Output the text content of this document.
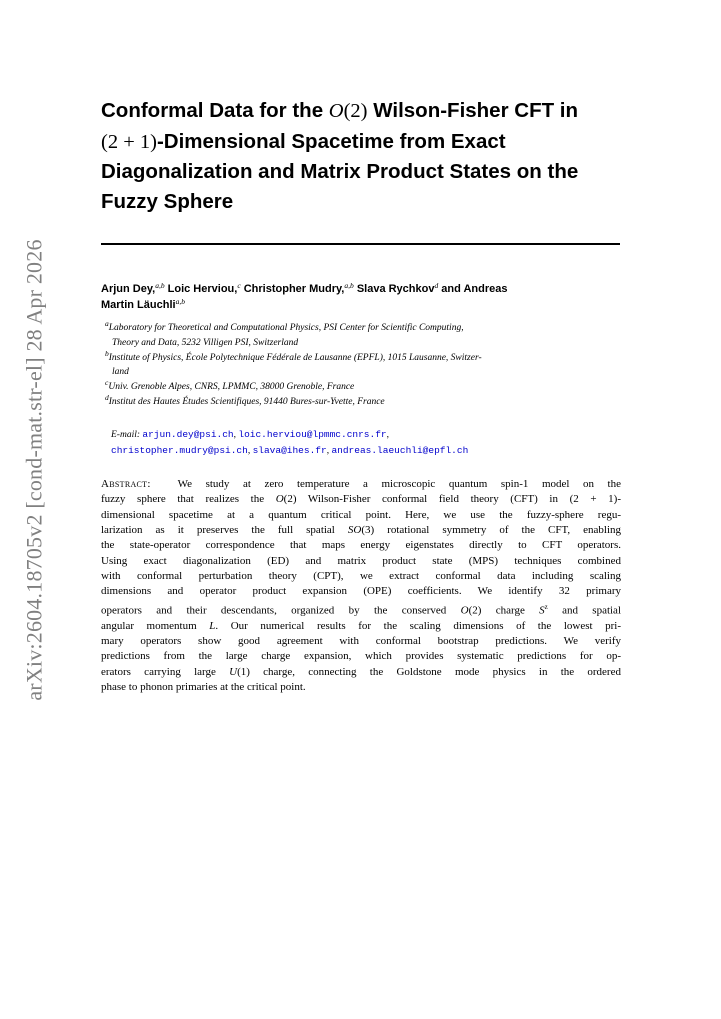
arXiv:2604.18705v2 [cond-mat.str-el] 28 Apr 2026
Conformal Data for the O(2) Wilson-Fisher CFT in
(2 + 1)-Dimensional Spacetime from Exact
Diagonalization and Matrix Product States on the
Fuzzy Sphere
Arjun Dey,$^{a,b}$ Loic Herviou,$^c$ Christopher Mudry,$^{a,b}$ Slava Rychkov$^d$ and Andreas
Martin Läuchli$^{a,b}$
$^a$Laboratory for Theoretical and Computational Physics, PSI Center for Scientific Computing,
Theory and Data, 5232 Villigen PSI, Switzerland
$^b$Institute of Physics, École Polytechnique Fédérale de Lausanne (EPFL), 1015 Lausanne, Switzer-
land
$^c$Univ. Grenoble Alpes, CNRS, LPMMC, 38000 Grenoble, France
$^d$Institut des Hautes Études Scientifiques, 91440 Bures-sur-Yvette, France
E-mail: arjun.dey@psi.ch, loic.herviou@lpmmc.cnrs.fr,
christopher.mudry@psi.ch, slava@ihes.fr, andreas.laeuchli@epfl.ch
Abstract:  We study at zero temperature a microscopic quantum spin-1 model on the
fuzzy sphere that realizes the O(2) Wilson-Fisher conformal field theory (CFT) in (2 + 1)-
dimensional spacetime at a quantum critical point. Here, we use the fuzzy-sphere regu-
larization as it preserves the full spatial SO(3) rotational symmetry of the CFT, enabling
the state-operator correspondence that maps energy eigenstates directly to CFT operators.
Using exact diagonalization (ED) and matrix product state (MPS) techniques combined
with conformal perturbation theory (CPT), we extract conformal data including scaling
dimensions and operator product expansion (OPE) coefficients. We identify 32 primary
operators and their descendants, organized by the conserved O(2) charge $S^z$ and spatial
angular momentum L. Our numerical results for the scaling dimensions of the lowest pri-
mary operators show good agreement with conformal bootstrap predictions. We verify
predictions from the large charge expansion, which provides systematic predictions for op-
erators carrying large U(1) charge, connecting the Goldstone mode physics in the ordered
phase to phonon primaries at the critical point.
